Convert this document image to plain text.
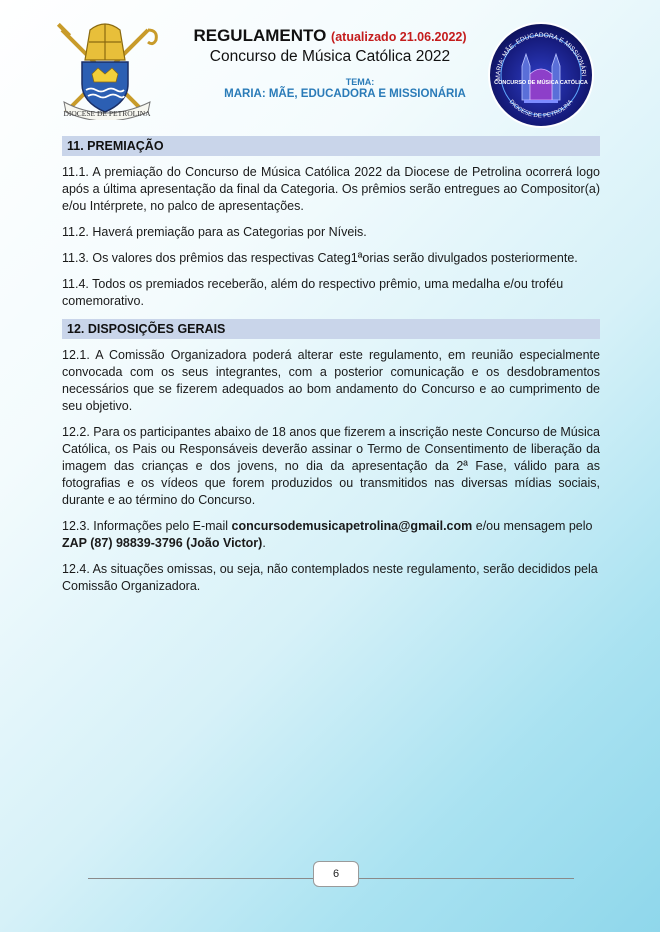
DIOCESE DE PETROLINA
REGULAMENTO (atualizado 21.06.2022)
Concurso de Música Católica 2022
TEMA:
MARIA: MÃE, EDUCADORA E MISSIONÁRIA
MARIA: MÃE, EDUCADORA E MISSIONÁRI
CONCURSO DE MÚSICA CATÓLICA
DIOCESE DE PETROLINA
11. PREMIAÇÃO

11.1. A premiação do Concurso de Música Católica 2022 da Diocese de Petrolina ocorrerá logo após a última apresentação da final da Categoria. Os prêmios serão entregues ao Compositor(a) e/ou Intérprete, no palco de apresentações.

11.2. Haverá premiação para as Categorias por Níveis.

11.3. Os valores dos prêmios das respectivas Categ1ªorias serão divulgados posteriormente.

11.4. Todos os premiados receberão, além do respectivo prêmio, uma medalha e/ou troféu comemorativo.

12. DISPOSIÇÕES GERAIS

12.1. A Comissão Organizadora poderá alterar este regulamento, em reunião especialmente convocada com os seus integrantes, com a posterior comunicação e os desdobramentos necessários que se fizerem adequados ao bom andamento do Concurso e ao cumprimento de seu objetivo.

12.2. Para os participantes abaixo de 18 anos que fizerem a inscrição neste Concurso de Música Católica, os Pais ou Responsáveis deverão assinar o Termo de Consentimento de liberação da imagem das crianças e dos jovens, no dia da apresentação da 2ª Fase, válido para as fotografias e os vídeos que forem produzidos ou transmitidos nas diversas mídias sociais, durante e ao término do Concurso.

12.3. Informações pelo E-mail concursodemusicapetrolina@gmail.com e/ou mensagem pelo ZAP (87) 98839-3796 (João Victor).

12.4. As situações omissas, ou seja, não contemplados neste regulamento, serão decididos pela Comissão Organizadora.

6
